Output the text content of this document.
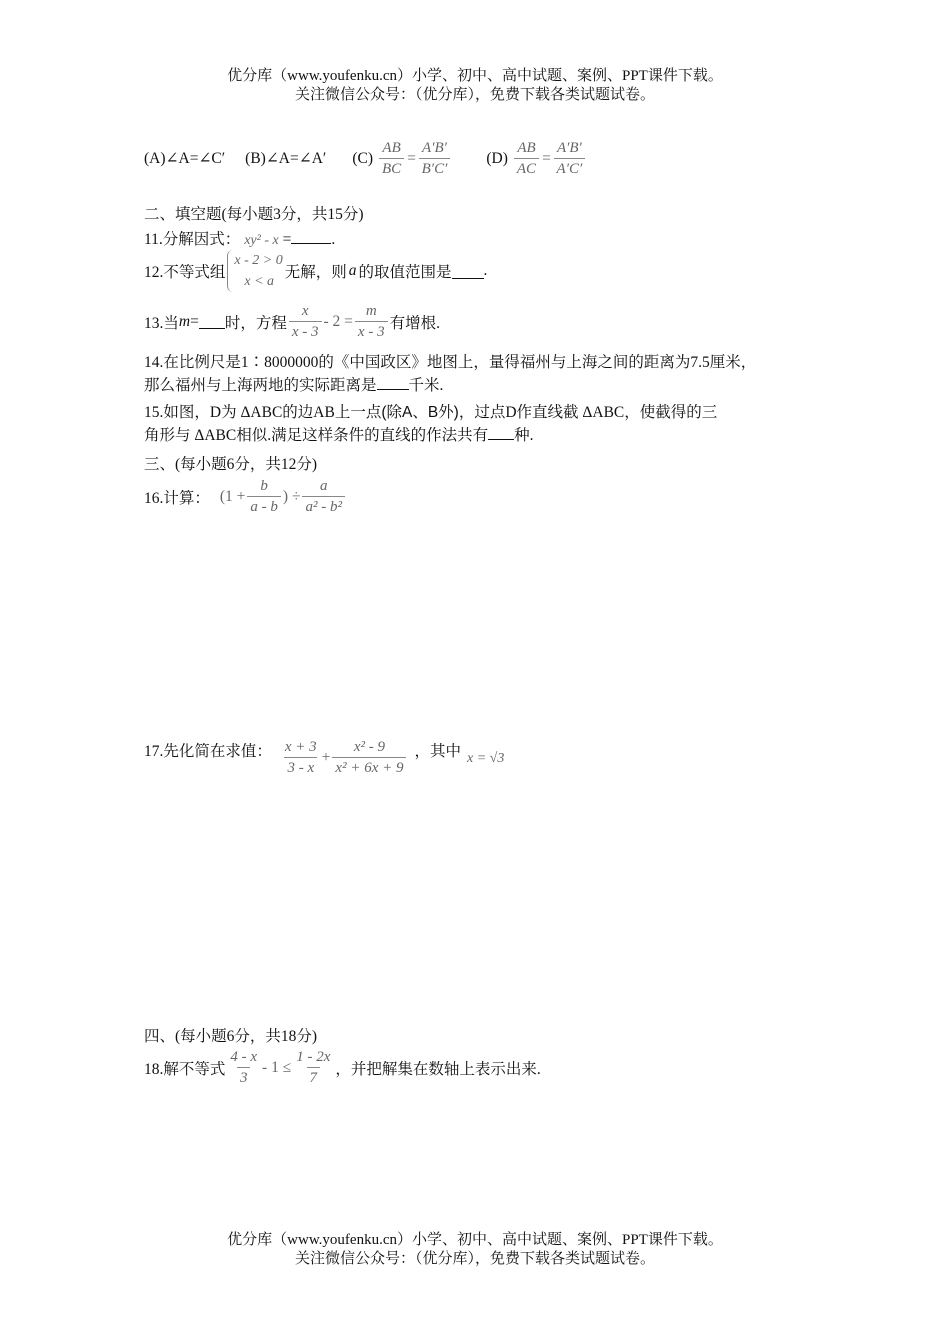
优分库（www.youfenku.cn）小学、初中、高中试题、案例、PPT课件下载。
关注微信公众号：（优分库），免费下载各类试题试卷。
(A)∠A=∠C′ (B)∠A=∠A′ $(C) \frac{AB}{BC} = \frac{A'B'}{B'C'} (D) \frac{AB}{AC} = \frac{A'B'}{A'C'}$
二、填空题(每小题3分，共15分)
11.分解因式： xy² - x =	.
12.不等式组
x - 2 > 0
x < a
无解，则 a 的取值范围是 .
13.当 m = 时，方程 $\frac{x}{x - 3} - 2 = \frac{m}{x - 3}$ 有增根.
14.在比例尺是1∶8000000的《中国政区》地图上，量得福州与上海之间的距离为7.5厘米，
那么福州与上海两地的实际距离是 千米.
15.如图，D为 ΔABC的边AB上一点(除A、B外)，过点D作直线截 ΔABC，使截得的三
角形与 ΔABC相似.满足这样条件的直线的作法共有 种.
三、(每小题6分，共12分)
16.计算： ($1 + \frac{b}{a - b}$ ) ÷ $\frac{a}{\text{a² - b²}}$
17.先化简在求值： $\frac{x + 3}{3 - x} + \frac{\text{x² - 9}}{\text{x² + 6x + 9}}$ ，其中 x = √3
四、(每小题6分，共18分)
18.解不等式 $\frac{4 - x}{3} - 1 \le \frac{1 - 2x}{7}$ ，并把解集在数轴上表示出来.
优分库（www.youfenku.cn）小学、初中、高中试题、案例、PPT课件下载。
关注微信公众号：（优分库），免费下载各类试题试卷。
